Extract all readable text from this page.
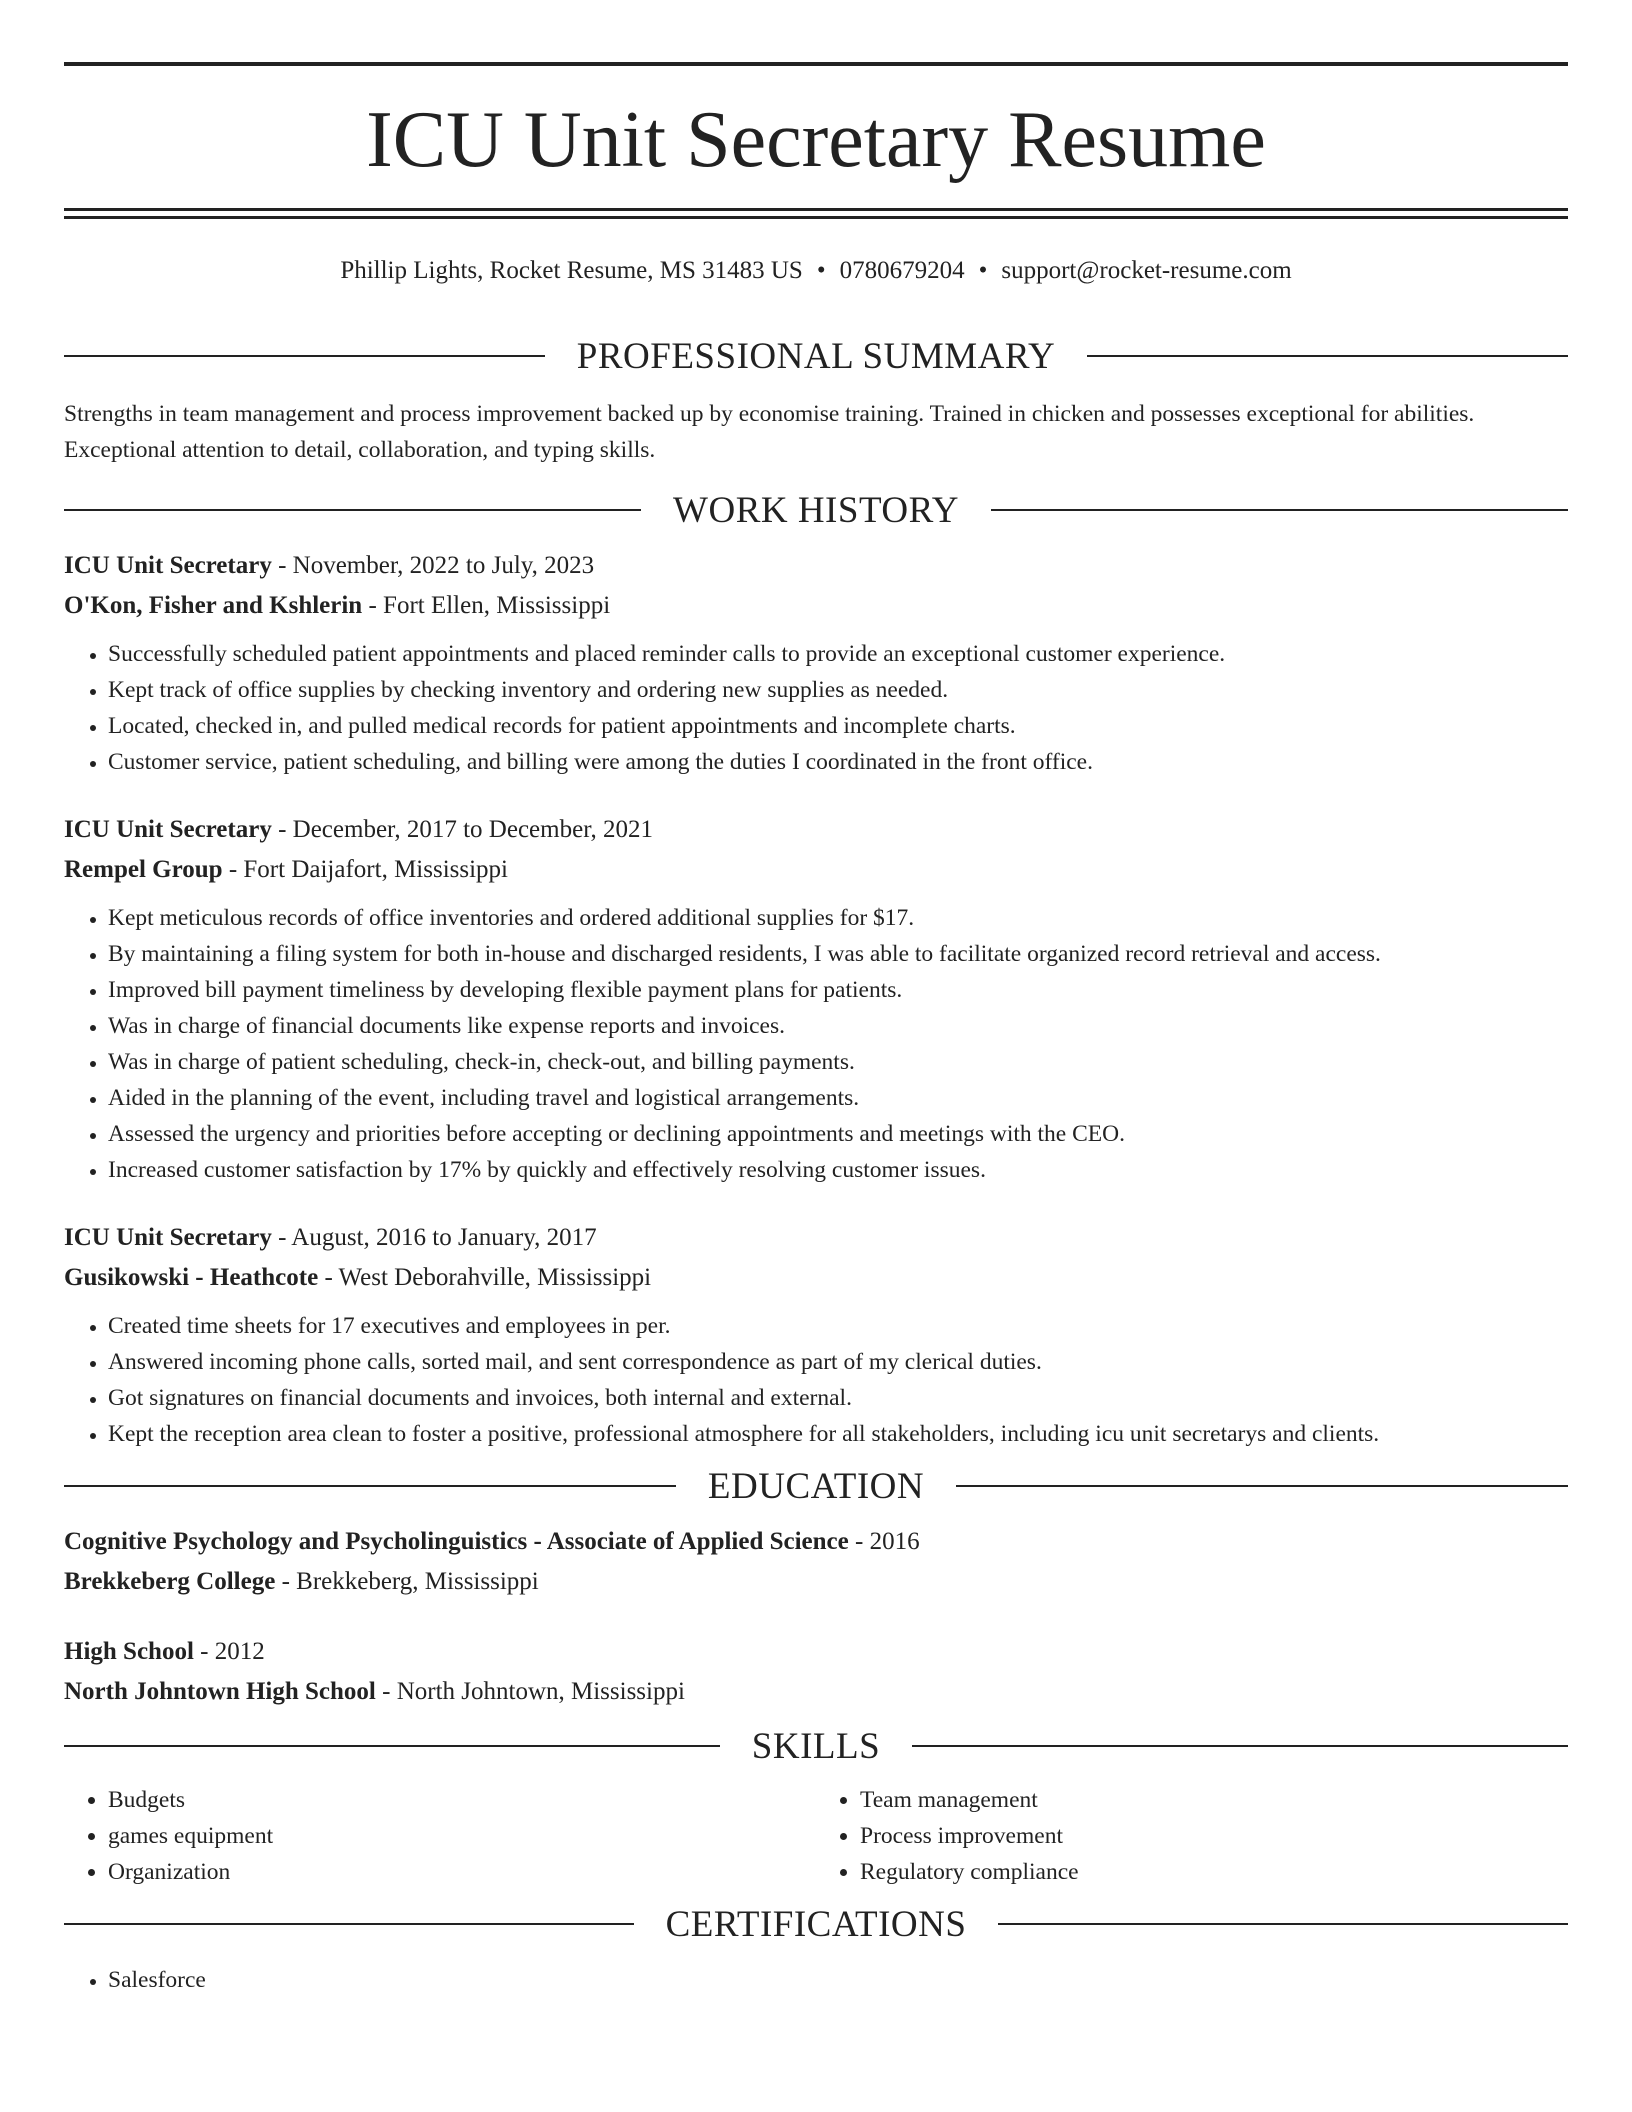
ICU Unit Secretary Resume
Phillip Lights, Rocket Resume, MS 31483 US • 0780679204 • support@rocket-resume.com
PROFESSIONAL SUMMARY

Strengths in team management and process improvement backed up by economise training. Trained in chicken and possesses exceptional for abilities. Exceptional attention to detail, collaboration, and typing skills.

WORK HISTORY
ICU Unit Secretary - November, 2022 to July, 2023
O'Kon, Fisher and Kshlerin - Fort Ellen, Mississippi
• Successfully scheduled patient appointments and placed reminder calls to provide an exceptional customer experience.
• Kept track of office supplies by checking inventory and ordering new supplies as needed.
• Located, checked in, and pulled medical records for patient appointments and incomplete charts.
• Customer service, patient scheduling, and billing were among the duties I coordinated in the front office.
ICU Unit Secretary - December, 2017 to December, 2021
Rempel Group - Fort Daijafort, Mississippi
• Kept meticulous records of office inventories and ordered additional supplies for $17.
• By maintaining a filing system for both in-house and discharged residents, I was able to facilitate organized record retrieval and access.
• Improved bill payment timeliness by developing flexible payment plans for patients.
• Was in charge of financial documents like expense reports and invoices.
• Was in charge of patient scheduling, check-in, check-out, and billing payments.
• Aided in the planning of the event, including travel and logistical arrangements.
• Assessed the urgency and priorities before accepting or declining appointments and meetings with the CEO.
• Increased customer satisfaction by 17% by quickly and effectively resolving customer issues.
ICU Unit Secretary - August, 2016 to January, 2017
Gusikowski - Heathcote - West Deborahville, Mississippi
• Created time sheets for 17 executives and employees in per.
• Answered incoming phone calls, sorted mail, and sent correspondence as part of my clerical duties.
• Got signatures on financial documents and invoices, both internal and external.
• Kept the reception area clean to foster a positive, professional atmosphere for all stakeholders, including icu unit secretarys and clients.
EDUCATION
Cognitive Psychology and Psycholinguistics - Associate of Applied Science - 2016
Brekkeberg College - Brekkeberg, Mississippi
High School - 2012
North Johntown High School - North Johntown, Mississippi
SKILLS
• Budgets
• games equipment
• Organization
• Team management
• Process improvement
• Regulatory compliance
CERTIFICATIONS
• Salesforce
